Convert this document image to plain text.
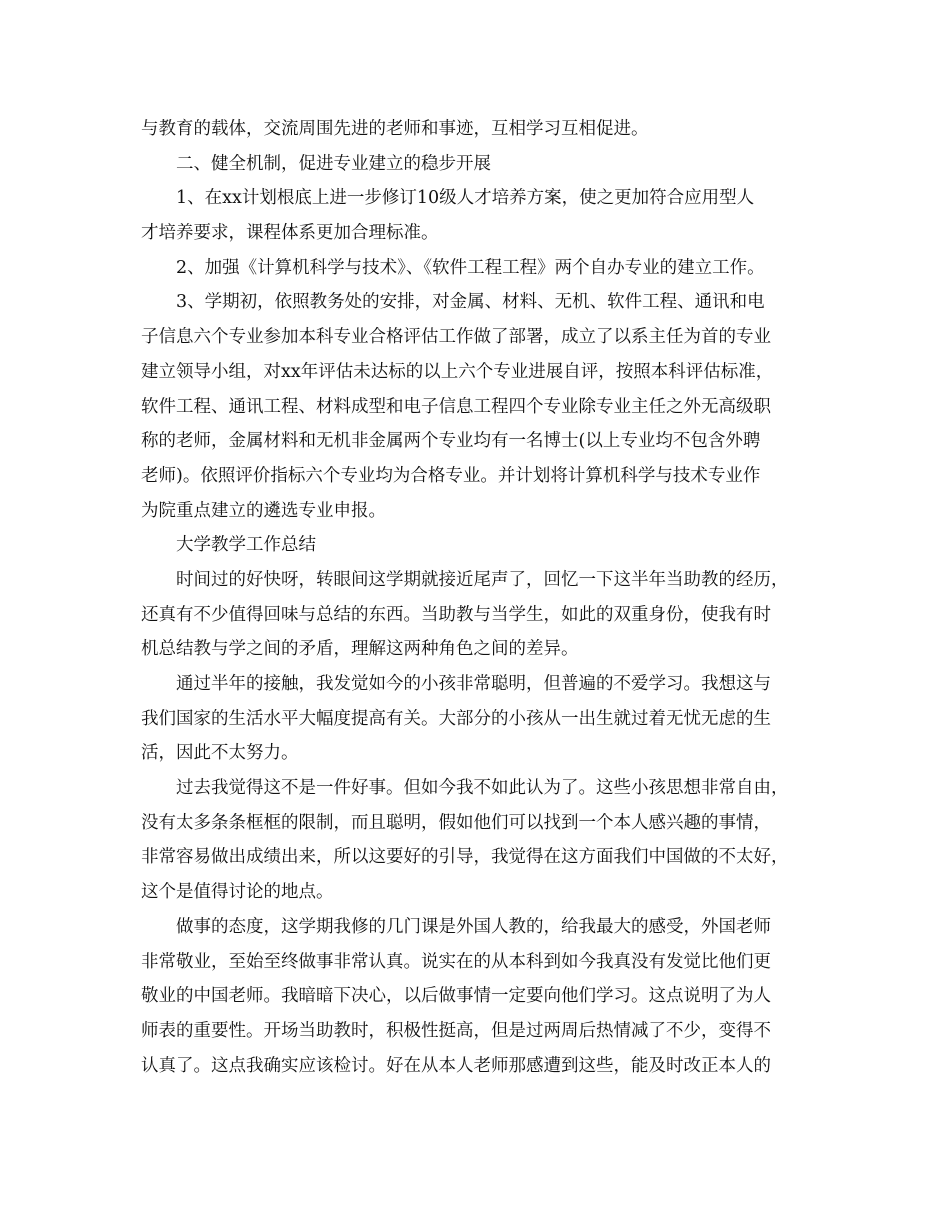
与教育的载体，交流周围先进的老师和事迹，互相学习互相促进。
二、健全机制，促进专业建立的稳步开展
1、在xx计划根底上进一步修订10级人才培养方案，使之更加符合应用型人
才培养要求，课程体系更加合理标准。
2、加强《计算机科学与技术》、《软件工程工程》两个自办专业的建立工作。
3、学期初，依照教务处的安排，对金属、材料、无机、软件工程、通讯和电
子信息六个专业参加本科专业合格评估工作做了部署，成立了以系主任为首的专业
建立领导小组，对xx年评估未达标的以上六个专业进展自评，按照本科评估标准，
软件工程、通讯工程、材料成型和电子信息工程四个专业除专业主任之外无高级职
称的老师，金属材料和无机非金属两个专业均有一名博士(以上专业均不包含外聘
老师)。依照评价指标六个专业均为合格专业。并计划将计算机科学与技术专业作
为院重点建立的遴选专业申报。
大学教学工作总结
时间过的好快呀，转眼间这学期就接近尾声了，回忆一下这半年当助教的经历，
还真有不少值得回味与总结的东西。当助教与当学生，如此的双重身份，使我有时
机总结教与学之间的矛盾，理解这两种角色之间的差异。
通过半年的接触，我发觉如今的小孩非常聪明，但普遍的不爱学习。我想这与
我们国家的生活水平大幅度提高有关。大部分的小孩从一出生就过着无忧无虑的生
活，因此不太努力。
过去我觉得这不是一件好事。但如今我不如此认为了。这些小孩思想非常自由，
没有太多条条框框的限制，而且聪明，假如他们可以找到一个本人感兴趣的事情，
非常容易做出成绩出来，所以这要好的引导，我觉得在这方面我们中国做的不太好，
这个是值得讨论的地点。
做事的态度，这学期我修的几门课是外国人教的，给我最大的感受，外国老师
非常敬业，至始至终做事非常认真。说实在的从本科到如今我真没有发觉比他们更
敬业的中国老师。我暗暗下决心，以后做事情一定要向他们学习。这点说明了为人
师表的重要性。开场当助教时，积极性挺高，但是过两周后热情减了不少，变得不
认真了。这点我确实应该检讨。好在从本人老师那感遭到这些，能及时改正本人的
